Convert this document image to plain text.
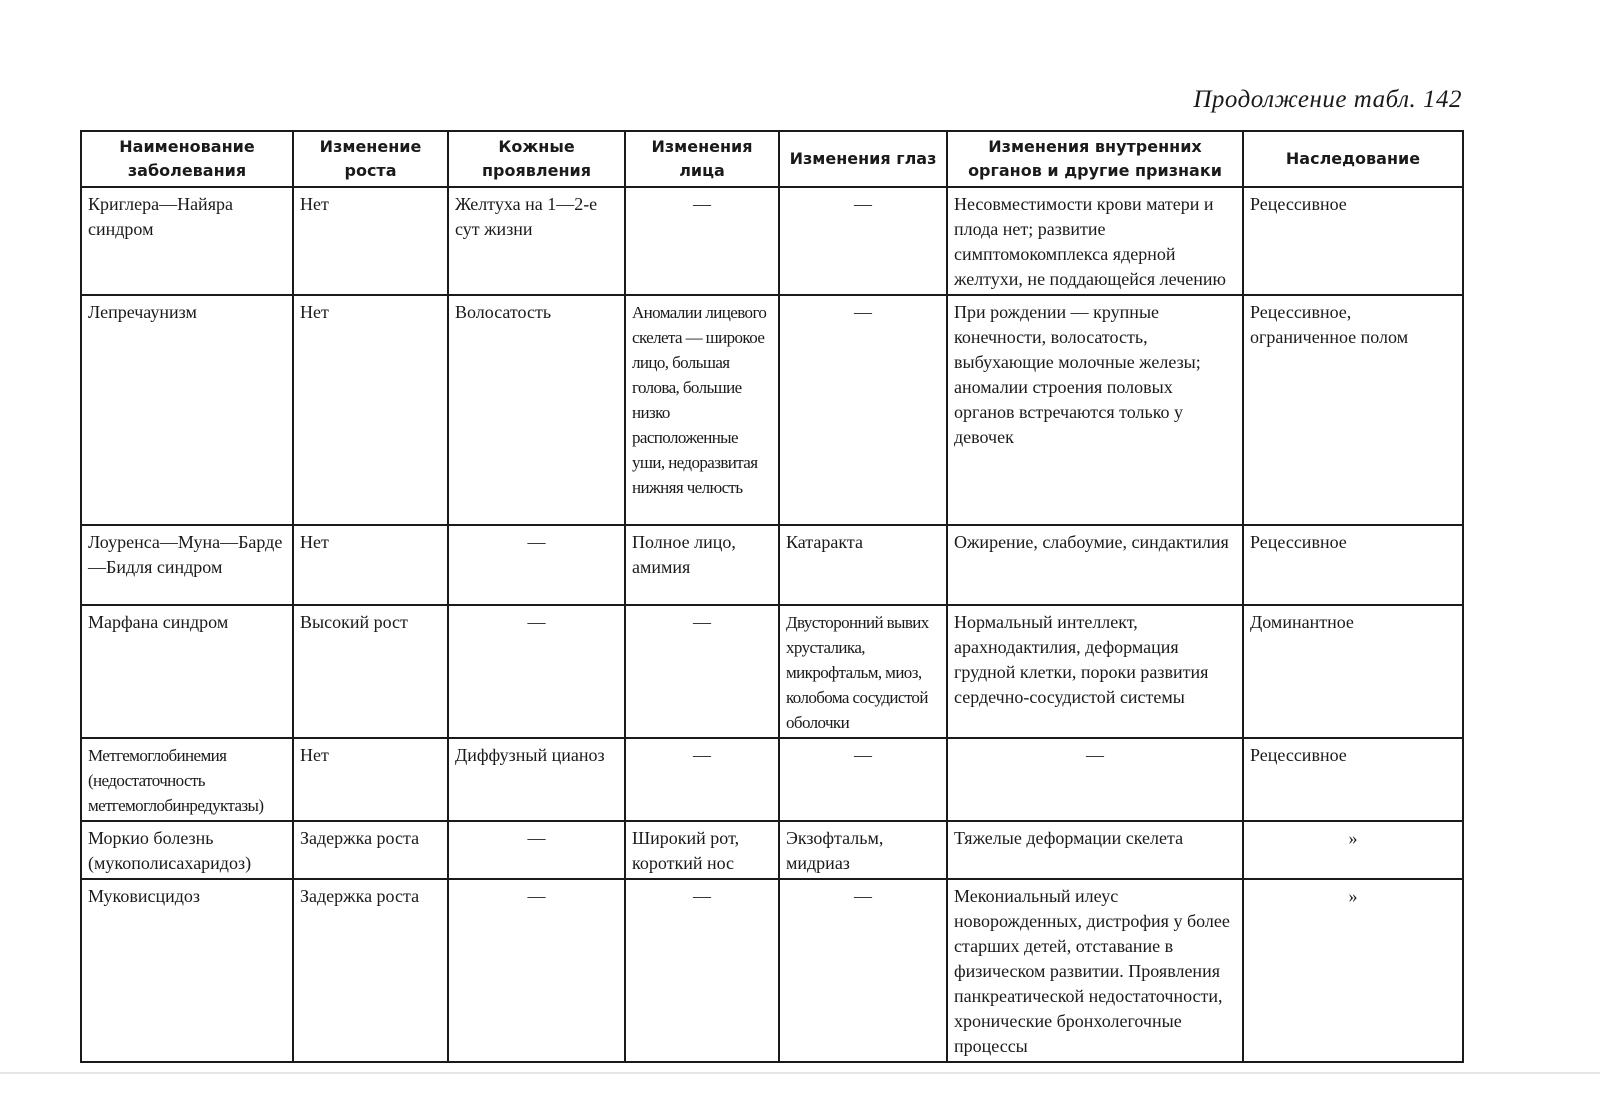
Продолжение табл. 142
Наименование заболевания	Изменение роста	Кожные проявления	Изменения лица	Изменения глаз	Изменения внутренних органов и другие признаки	Наследование
Криглера—Найяра синдром	Нет	Желтуха на 1—2-е сут жизни	—	—	Несовместимости крови матери и плода нет; развитие симптомокомплекса ядерной желтухи, не поддающейся лечению	Рецессивное
Лепречаунизм	Нет	Волосатость	Аномалии лицевого скелета — широкое лицо, большая голова, большие низко расположенные уши, недоразвитая нижняя челюсть	—	При рождении — крупные конечности, волосатость, выбухающие молочные железы; аномалии строения половых органов встречаются только у девочек	Рецессивное, ограниченное полом
Лоуренса—Муна—Барде—Бидля синдром	Нет	—	Полное лицо, амимия	Катаракта	Ожирение, слабоумие, синдактилия	Рецессивное
Марфана синдром	Высокий рост	—	—	Двусторонний вывих хрусталика, микрофтальм, миоз, колобома сосудистой оболочки	Нормальный интеллект, арахнодактилия, деформация грудной клетки, пороки развития сердечно-сосудистой системы	Доминантное
Метгемоглобинемия (недостаточность метгемоглобинредуктазы)	Нет	Диффузный цианоз	—	—	—	Рецессивное
Моркио болезнь (мукополисахаридоз)	Задержка роста	—	Широкий рот, короткий нос	Экзофтальм, мидриаз	Тяжелые деформации скелета	»
Муковисцидоз	Задержка роста	—	—	—	Мекониальный илеус новорожденных, дистрофия у более старших детей, отставание в физическом развитии. Проявления панкреатической недостаточности, хронические бронхолегочные процессы	»
